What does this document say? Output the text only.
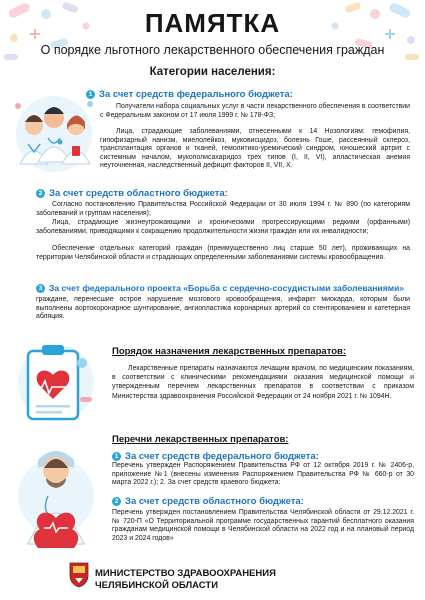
ПАМЯТКА
О порядке льготного лекарственного обеспечения граждан
Категории населения:
1 За счет средств федерального бюджета:
Получатели набора социальных услуг в части лекарственного обеспечения в соответствии с Федеральным законом от 17 июля 1999 г. № 178-ФЗ;
Лица, страдающие заболеваниями, отнесенными к 14 Нозологиям: гемофилия, гипофизарный нанизм, миелолейкоз, муковисцидоз, болезнь Гоше, рассеянный склероз, трансплантация органов и тканей, гемолитико-уремический синдром, юношеский артрит с системным началом, мукополисахаридоз трех типов (I, II, VI), апластическая анемия неуточненная, наследственный дефицит факторов II, VII, X.
2 За счет средств областного бюджета:
Согласно постановлению Правительства Российской Федерации от 30 июля 1994 г. № 890 (по категориям заболеваний и группам населения);
Лица, страдающие жизнеугрожающими и хроническими прогрессирующими редкими (орфанными) заболеваниями, приводящими к сокращению продолжительности жизни граждан или их инвалидности;
Обеспечение отдельных категорий граждан (преимущественно лиц старше 50 лет), проживающих на территории Челябинской области и страдающих определенными заболеваниями системы кровообращения.
3 За счет федерального проекта «Борьба с сердечно-сосудистыми заболеваниями»
граждане, перенесшие острое нарушение мозгового кровообращения, инфаркт миокарда, которым были выполнены аортокоронарное шунтирование, ангиопластика коронарных артерий со стентированием и катетерная абляция.
Порядок назначения лекарственных препаратов:
Лекарственные препараты назначаются лечащим врачом, по медицинским показаниям, в соответствии с клиническими рекомендациями оказания медицинской помощи и утвержденным перечнем лекарственных препаратов в соответствии с приказом Министерства здравоохранения Российской Федерации от 24 ноября 2021 г. № 1094Н.
Перечни лекарственных препаратов:
1 За счет средств федерального бюджета:
Перечень утвержден Распоряжением Правительства РФ от 12 октября 2019 г. № 2406-р, приложение №1 (внесены изменения Распоряжением Правительства РФ № 660-р от 30 марта 2022 г.); 2. За счет средств краевого бюджета:
2 За счет средств областного бюджета:
Перечень утвержден постановлением Правительства Челябинской области от 29.12.2021 г. № 720-П «О Территориальной программе государственных гарантий бесплатного оказания гражданам медицинской помощи в Челябинской области на 2022 год и на плановый период 2023 и 2024 годов»
МИНИСТЕРСТВО ЗДРАВООХРАНЕНИЯ
ЧЕЛЯБИНСКОЙ ОБЛАСТИ
